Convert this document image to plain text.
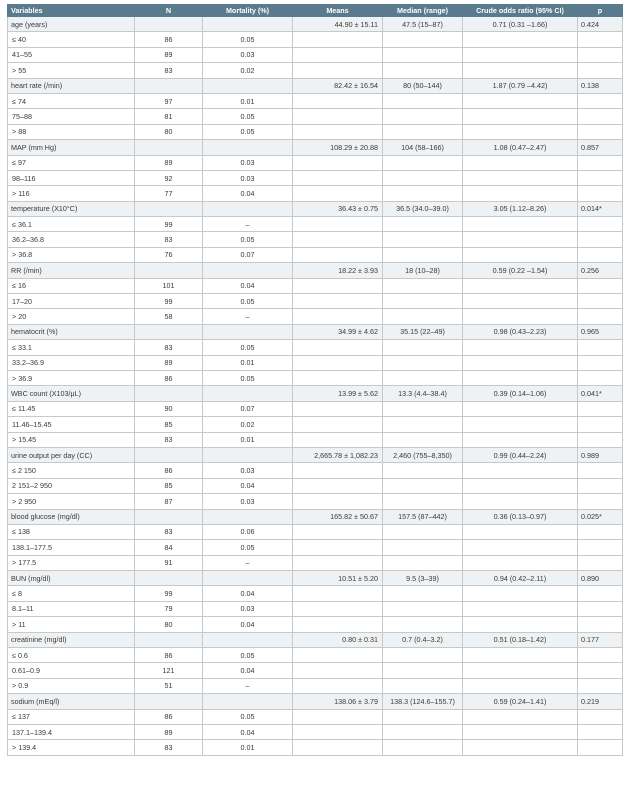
Variables	N	Mortality (%)	Means	Median (range)	Crude odds ratio (95% CI)	p
age (years)			44.90 ± 15.11	47.5 (15–87)	0.71 (0.31 –1.66)	0.424
≤ 40	86	0.05				
41–55	89	0.03				
> 55	83	0.02				
heart rate (/min)			82.42 ± 16.54	80 (50–144)	1.87 (0.79 –4.42)	0.138
≤ 74	97	0.01				
75–88	81	0.05				
> 88	80	0.05				
MAP (mm Hg)			108.29 ± 20.88	104 (58–166)	1.08 (0.47–2.47)	0.857
≤ 97	89	0.03				
98–116	92	0.03				
> 116	77	0.04				
temperature (X10°C)			36.43 ± 0.75	36.5 (34.0–39.0)	3.05 (1.12–8.26)	0.014*
≤ 36.1	99	–				
36.2–36.8	83	0.05				
> 36.8	76	0.07				
RR (/min)			18.22 ± 3.93	18 (10–28)	0.59 (0.22 –1.54)	0.256
≤ 16	101	0.04				
17–20	99	0.05				
> 20	58	–				
hematocrit (%)			34.99 ± 4.62	35.15 (22–49)	0.98 (0.43–2.23)	0.965
≤ 33.1	83	0.05				
33.2–36.9	89	0.01				
> 36.9	86	0.05				
WBC count (X103/μL)			13.99 ± 5.62	13.3 (4.4–38.4)	0.39 (0.14–1.06)	0.041*
≤ 11.45	90	0.07				
11.46–15.45	85	0.02				
> 15.45	83	0.01				
urine output per day (CC)			2,665.78 ± 1,082.23	2,460 (755–8,350)	0.99 (0.44–2.24)	0.989
≤ 2 150	86	0.03				
2 151–2 950	85	0.04				
> 2 950	87	0.03				
blood glucose (mg/dl)			165.82 ± 50.67	157.5 (87–442)	0.36 (0.13–0.97)	0.025*
≤ 138	83	0.06				
138.1–177.5	84	0.05				
> 177.5	91	–				
BUN (mg/dl)			10.51 ± 5.20	9.5 (3–39)	0.94 (0.42–2.11)	0.890
≤ 8	99	0.04				
8.1–11	79	0.03				
> 11	80	0.04				
creatinine (mg/dl)			0.80 ± 0.31	0.7 (0.4–3.2)	0.51 (0.18–1.42)	0.177
≤ 0.6	86	0.05				
0.61–0.9	121	0.04				
> 0.9	51	–				
sodium (mEq/l)			138.06 ± 3.79	138.3 (124.6–155.7)	0.59 (0.24–1.41)	0.219
≤ 137	86	0.05				
137.1–139.4	89	0.04				
> 139.4	83	0.01				
